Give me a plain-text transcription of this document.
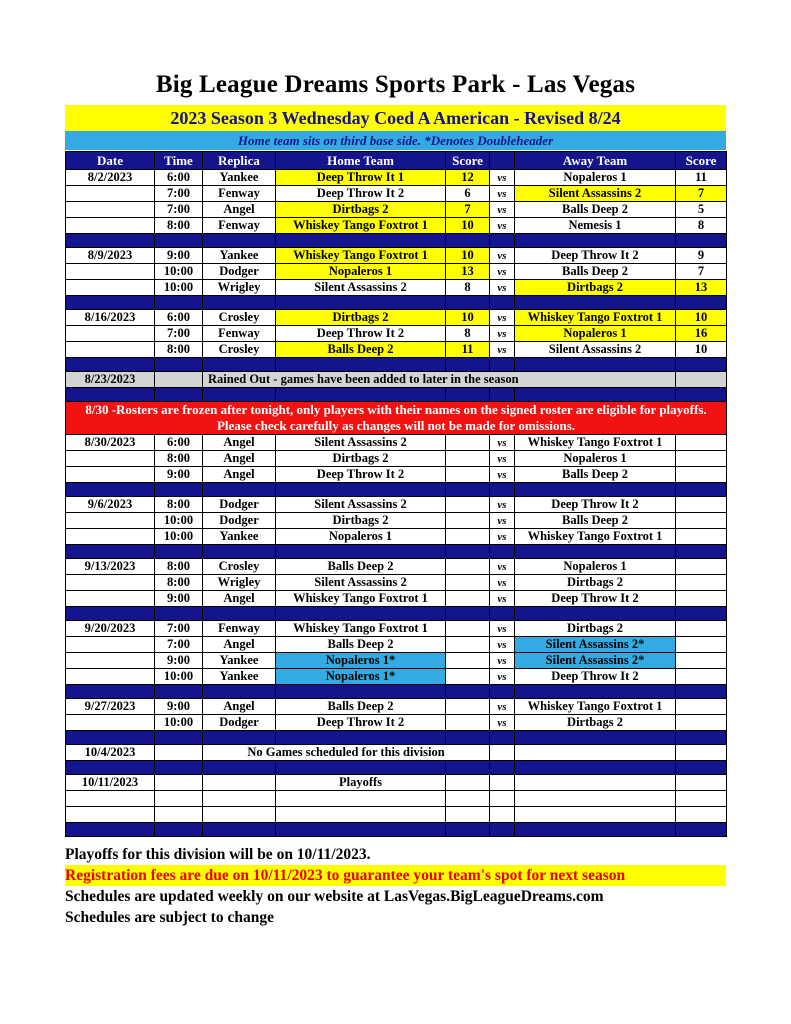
Big League Dreams Sports Park - Las Vegas
2023 Season 3 Wednesday Coed A American - Revised 8/24
Home team sits on third base side. *Denotes Doubleheader
Date	Time	Replica	Home Team	Score		Away Team	Score
8/2/2023	6:00	Yankee	Deep Throw It 1	12	vs	Nopaleros 1	11
	7:00	Fenway	Deep Throw It 2	6	vs	Silent Assassins 2	7
	7:00	Angel	Dirtbags 2	7	vs	Balls Deep 2	5
	8:00	Fenway	Whiskey Tango Foxtrot 1	10	vs	Nemesis 1	8

8/9/2023	9:00	Yankee	Whiskey Tango Foxtrot 1	10	vs	Deep Throw It 2	9
	10:00	Dodger	Nopaleros 1	13	vs	Balls Deep 2	7
	10:00	Wrigley	Silent Assassins 2	8	vs	Dirtbags 2	13

8/16/2023	6:00	Crosley	Dirtbags 2	10	vs	Whiskey Tango Foxtrot 1	10
	7:00	Fenway	Deep Throw It 2	8	vs	Nopaleros 1	16
	8:00	Crosley	Balls Deep 2	11	vs	Silent Assassins 2	10

8/23/2023		Rained Out - games have been added to later in the season					

8/30 -Rosters are frozen after tonight, only players with their names on the signed roster are eligible for playoffs.
Please check carefully as changes will not be made for omissions.							

8/30/2023	6:00	Angel	Silent Assassins 2		vs	Whiskey Tango Foxtrot 1	
	8:00	Angel	Dirtbags 2		vs	Nopaleros 1	
	9:00	Angel	Deep Throw It 2		vs	Balls Deep 2	

9/6/2023	8:00	Dodger	Silent Assassins 2		vs	Deep Throw It 2	
	10:00	Dodger	Dirtbags 2		vs	Balls Deep 2	
	10:00	Yankee	Nopaleros 1		vs	Whiskey Tango Foxtrot 1	

9/13/2023	8:00	Crosley	Balls Deep 2		vs	Nopaleros 1	
	8:00	Wrigley	Silent Assassins 2		vs	Dirtbags 2	
	9:00	Angel	Whiskey Tango Foxtrot 1		vs	Deep Throw It 2	

9/20/2023	7:00	Fenway	Whiskey Tango Foxtrot 1		vs	Dirtbags 2	
	7:00	Angel	Balls Deep 2		vs	Silent Assassins 2*	
	9:00	Yankee	Nopaleros 1*		vs	Silent Assassins 2*	
	10:00	Yankee	Nopaleros 1*		vs	Deep Throw It 2	

9/27/2023	9:00	Angel	Balls Deep 2		vs	Whiskey Tango Foxtrot 1	
	10:00	Dodger	Deep Throw It 2		vs	Dirtbags 2	

10/4/2023		No Games scheduled for this division					

10/11/2023			Playoffs				

Playoffs for this division will be on 10/11/2023.
Registration fees are due on 10/11/2023 to guarantee your team's spot for next season
Schedules are updated weekly on our website at LasVegas.BigLeagueDreams.com
Schedules are subject to change
